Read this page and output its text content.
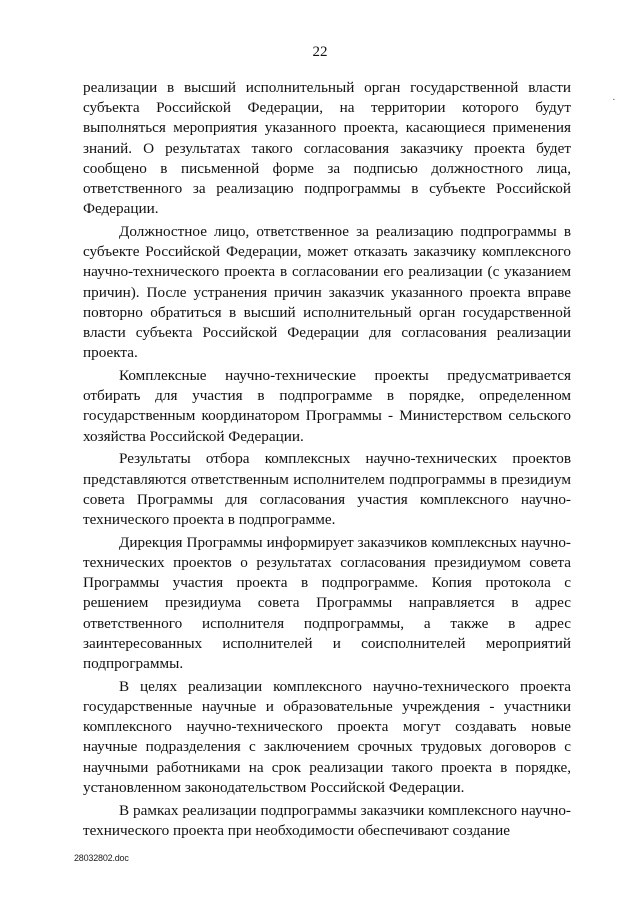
22
·

реализации в высший исполнительный орган государственной власти субъекта Российской Федерации, на территории которого будут выполняться мероприятия указанного проекта, касающиеся применения знаний. О результатах такого согласования заказчику проекта будет сообщено в письменной форме за подписью должностного лица, ответственного за реализацию подпрограммы в субъекте Российской Федерации.

Должностное лицо, ответственное за реализацию подпрограммы в субъекте Российской Федерации, может отказать заказчику комплексного научно-технического проекта в согласовании его реализации (с указанием причин). После устранения причин заказчик указанного проекта вправе повторно обратиться в высший исполнительный орган государственной власти субъекта Российской Федерации для согласования реализации проекта.

Комплексные научно-технические проекты предусматривается отбирать для участия в подпрограмме в порядке, определенном государственным координатором Программы - Министерством сельского хозяйства Российской Федерации.

Результаты отбора комплексных научно-технических проектов представляются ответственным исполнителем подпрограммы в президиум совета Программы для согласования участия комплексного научно-технического проекта в подпрограмме.

Дирекция Программы информирует заказчиков комплексных научно-технических проектов о результатах согласования президиумом совета Программы участия проекта в подпрограмме. Копия протокола с решением президиума совета Программы направляется в адрес ответственного исполнителя подпрограммы, а также в адрес заинтересованных исполнителей и соисполнителей мероприятий подпрограммы.

В целях реализации комплексного научно-технического проекта государственные научные и образовательные учреждения - участники комплексного научно-технического проекта могут создавать новые научные подразделения с заключением срочных трудовых договоров с научными работниками на срок реализации такого проекта в порядке, установленном законодательством Российской Федерации.

В рамках реализации подпрограммы заказчики комплексного научно-технического проекта при необходимости обеспечивают создание

28032802.doc
